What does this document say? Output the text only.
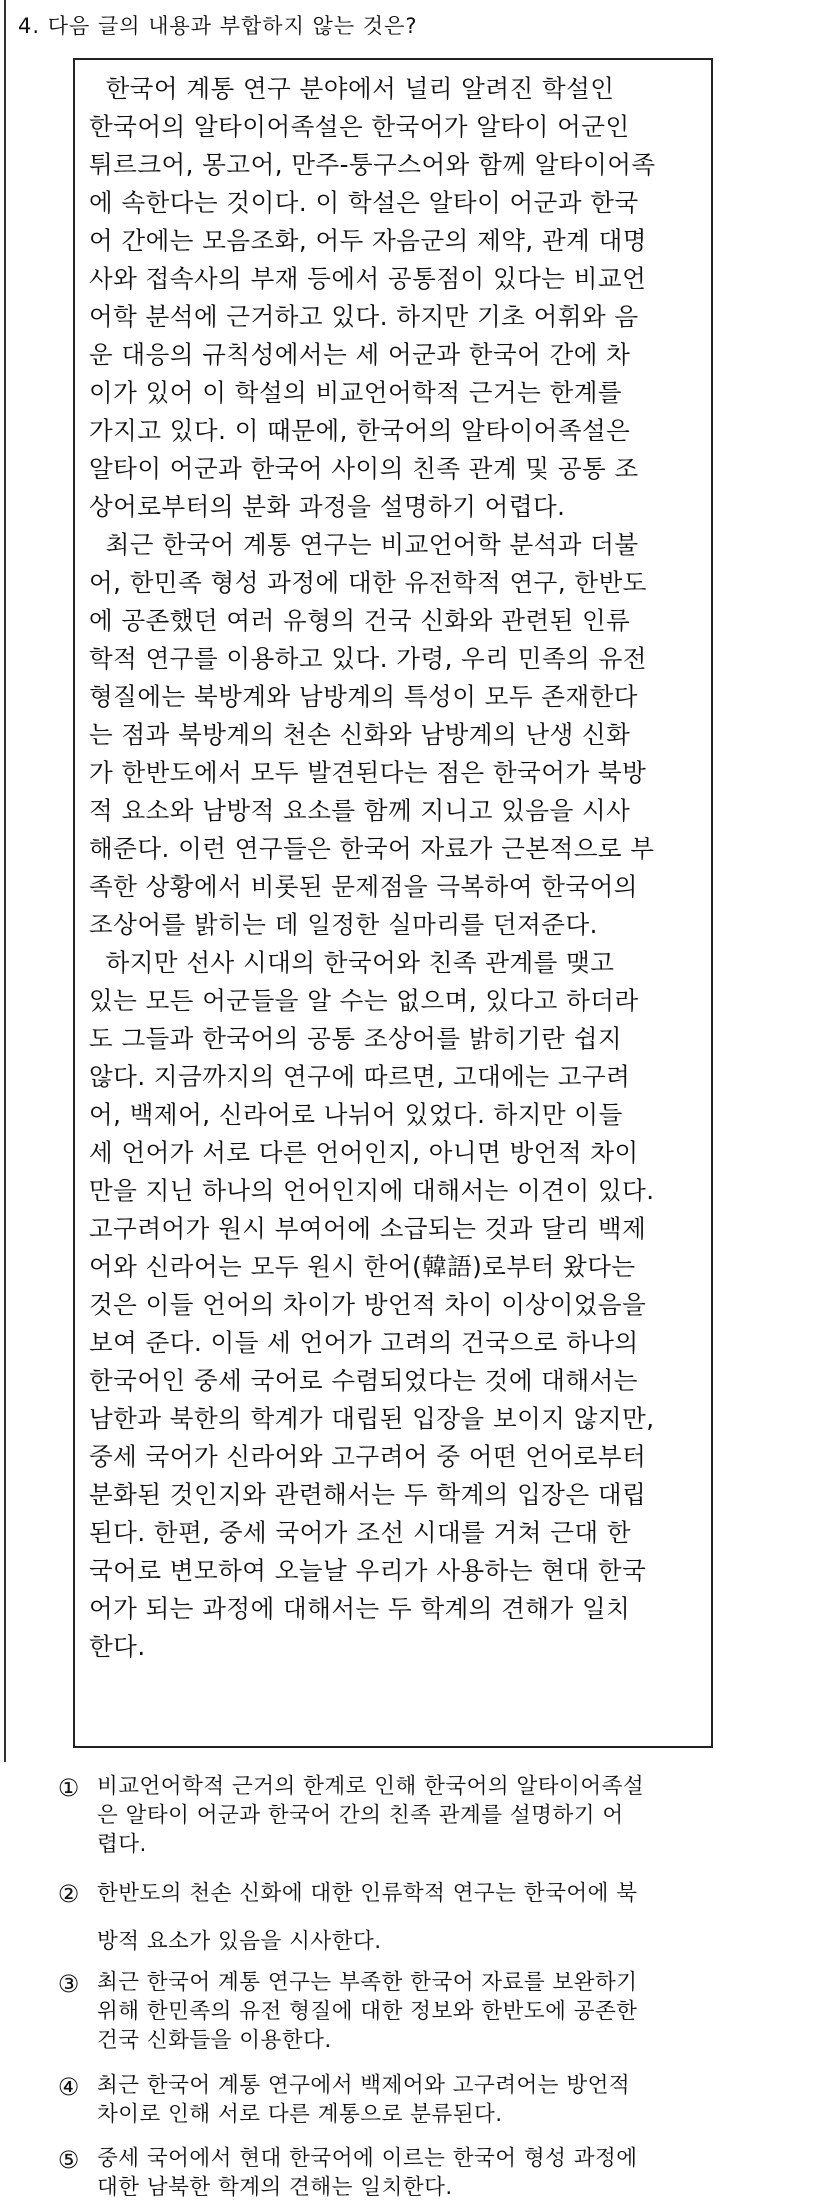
4. 다음 글의 내용과 부합하지 않는 것은?
한국어 계통 연구 분야에서 널리 알려진 학설인
한국어의 알타이어족설은 한국어가 알타이 어군인
튀르크어, 몽고어, 만주-퉁구스어와 함께 알타이어족
에 속한다는 것이다. 이 학설은 알타이 어군과 한국
어 간에는 모음조화, 어두 자음군의 제약, 관계 대명
사와 접속사의 부재 등에서 공통점이 있다는 비교언
어학 분석에 근거하고 있다. 하지만 기초 어휘와 음
운 대응의 규칙성에서는 세 어군과 한국어 간에 차
이가 있어 이 학설의 비교언어학적 근거는 한계를
가지고 있다. 이 때문에, 한국어의 알타이어족설은
알타이 어군과 한국어 사이의 친족 관계 및 공통 조
상어로부터의 분화 과정을 설명하기 어렵다.
최근 한국어 계통 연구는 비교언어학 분석과 더불
어, 한민족 형성 과정에 대한 유전학적 연구, 한반도
에 공존했던 여러 유형의 건국 신화와 관련된 인류
학적 연구를 이용하고 있다. 가령, 우리 민족의 유전
형질에는 북방계와 남방계의 특성이 모두 존재한다
는 점과 북방계의 천손 신화와 남방계의 난생 신화
가 한반도에서 모두 발견된다는 점은 한국어가 북방
적 요소와 남방적 요소를 함께 지니고 있음을 시사
해준다. 이런 연구들은 한국어 자료가 근본적으로 부
족한 상황에서 비롯된 문제점을 극복하여 한국어의
조상어를 밝히는 데 일정한 실마리를 던져준다.
하지만 선사 시대의 한국어와 친족 관계를 맺고
있는 모든 어군들을 알 수는 없으며, 있다고 하더라
도 그들과 한국어의 공통 조상어를 밝히기란 쉽지
않다. 지금까지의 연구에 따르면, 고대에는 고구려
어, 백제어, 신라어로 나뉘어 있었다. 하지만 이들
세 언어가 서로 다른 언어인지, 아니면 방언적 차이
만을 지닌 하나의 언어인지에 대해서는 이견이 있다.
고구려어가 원시 부여어에 소급되는 것과 달리 백제
어와 신라어는 모두 원시 한어(韓語)로부터 왔다는
것은 이들 언어의 차이가 방언적 차이 이상이었음을
보여 준다. 이들 세 언어가 고려의 건국으로 하나의
한국어인 중세 국어로 수렴되었다는 것에 대해서는
남한과 북한의 학계가 대립된 입장을 보이지 않지만,
중세 국어가 신라어와 고구려어 중 어떤 언어로부터
분화된 것인지와 관련해서는 두 학계의 입장은 대립
된다. 한편, 중세 국어가 조선 시대를 거쳐 근대 한
국어로 변모하여 오늘날 우리가 사용하는 현대 한국
어가 되는 과정에 대해서는 두 학계의 견해가 일치
한다.
① 비교언어학적 근거의 한계로 인해 한국어의 알타이어족설
은 알타이 어군과 한국어 간의 친족 관계를 설명하기 어
렵다.
② 한반도의 천손 신화에 대한 인류학적 연구는 한국어에 북
방적 요소가 있음을 시사한다.
③ 최근 한국어 계통 연구는 부족한 한국어 자료를 보완하기
위해 한민족의 유전 형질에 대한 정보와 한반도에 공존한
건국 신화들을 이용한다.
④ 최근 한국어 계통 연구에서 백제어와 고구려어는 방언적
차이로 인해 서로 다른 계통으로 분류된다.
⑤ 중세 국어에서 현대 한국어에 이르는 한국어 형성 과정에
대한 남북한 학계의 견해는 일치한다.
